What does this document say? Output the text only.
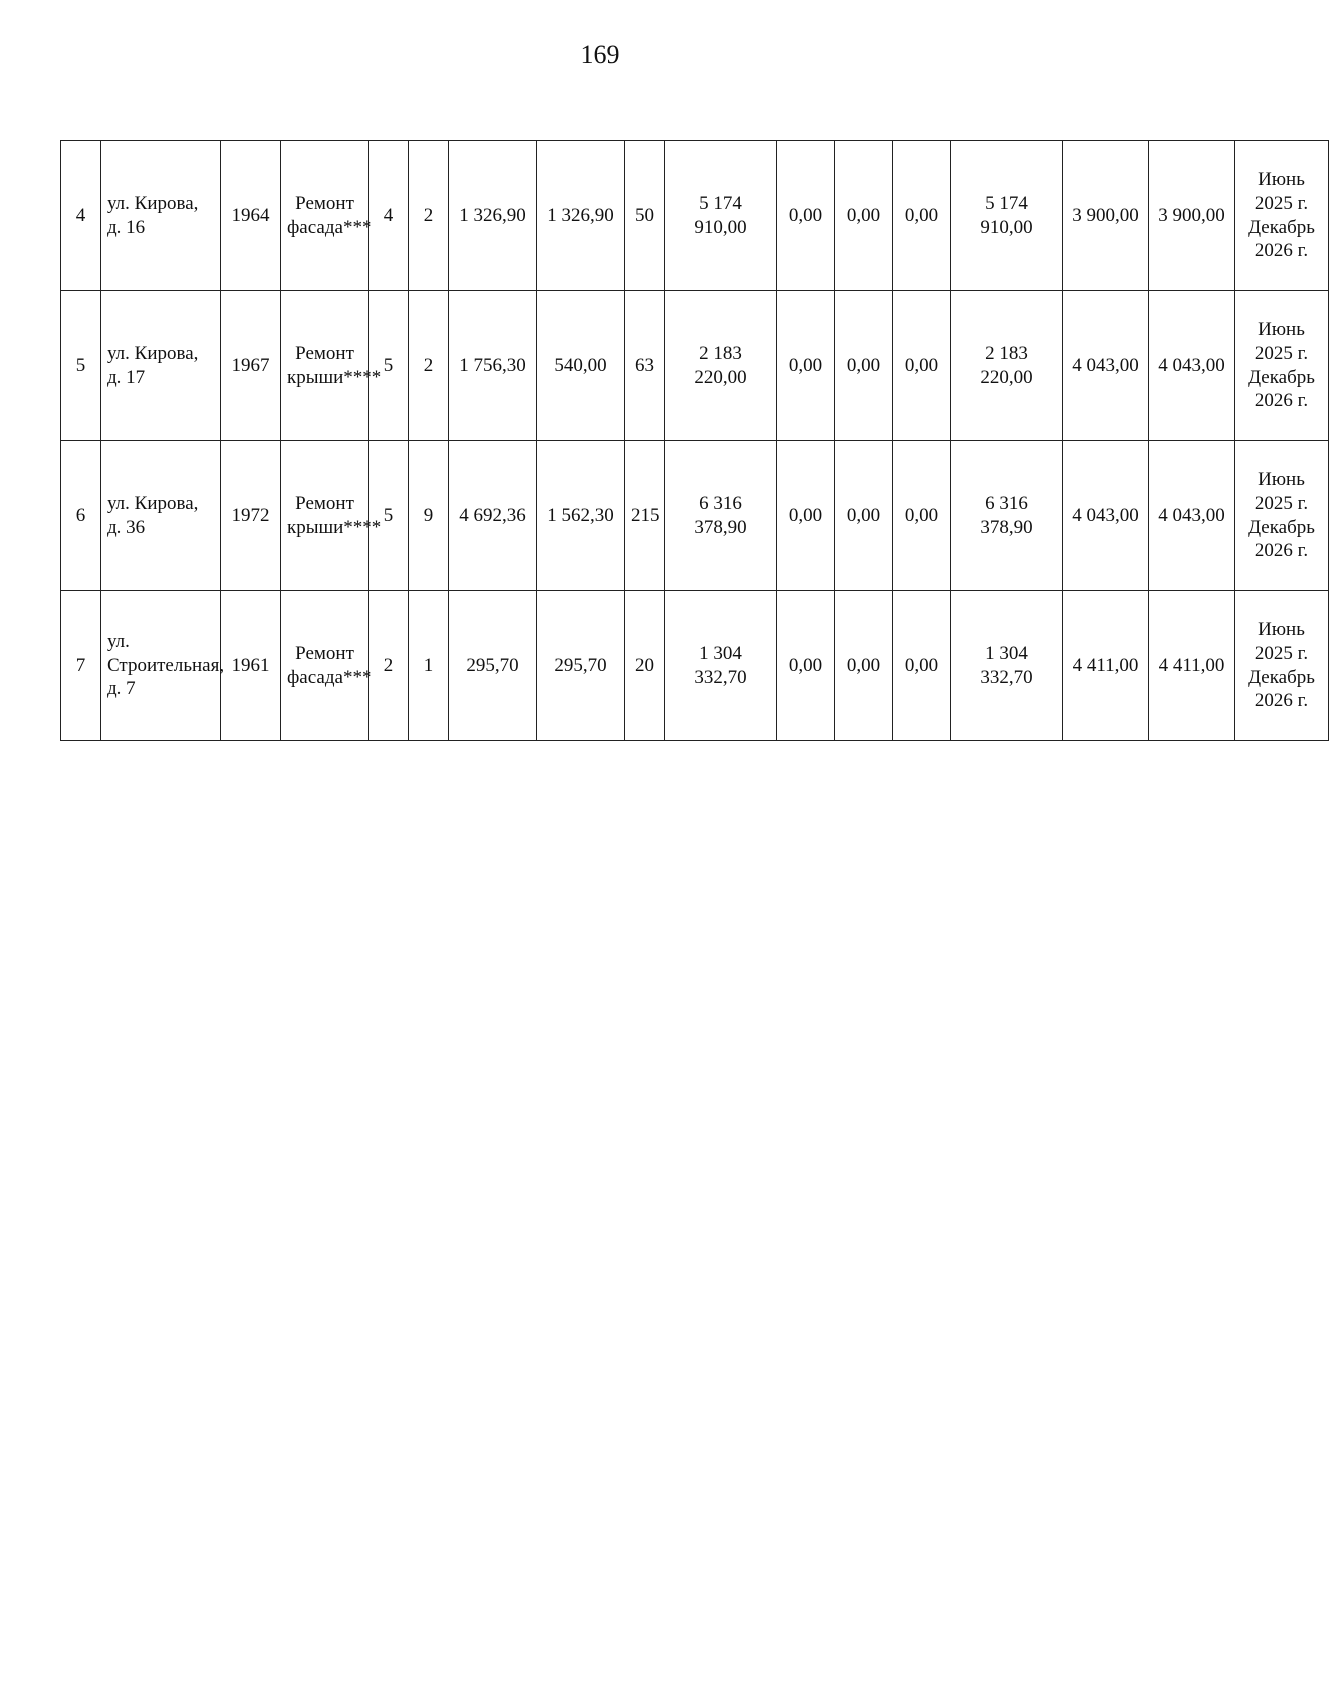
169
4	ул. Кирова, д. 16	1964	Ремонт фасада***	4	2	1 326,90	1 326,90	50	5 174 910,00	0,00	0,00	0,00	5 174 910,00	3 900,00	3 900,00	Июнь 2025 г. Декабрь 2026 г.
5	ул. Кирова, д. 17	1967	Ремонт крыши****	5	2	1 756,30	540,00	63	2 183 220,00	0,00	0,00	0,00	2 183 220,00	4 043,00	4 043,00	Июнь 2025 г. Декабрь 2026 г.
6	ул. Кирова, д. 36	1972	Ремонт крыши****	5	9	4 692,36	1 562,30	215	6 316 378,90	0,00	0,00	0,00	6 316 378,90	4 043,00	4 043,00	Июнь 2025 г. Декабрь 2026 г.
7	ул. Строительная, д. 7	1961	Ремонт фасада***	2	1	295,70	295,70	20	1 304 332,70	0,00	0,00	0,00	1 304 332,70	4 411,00	4 411,00	Июнь 2025 г. Декабрь 2026 г.
